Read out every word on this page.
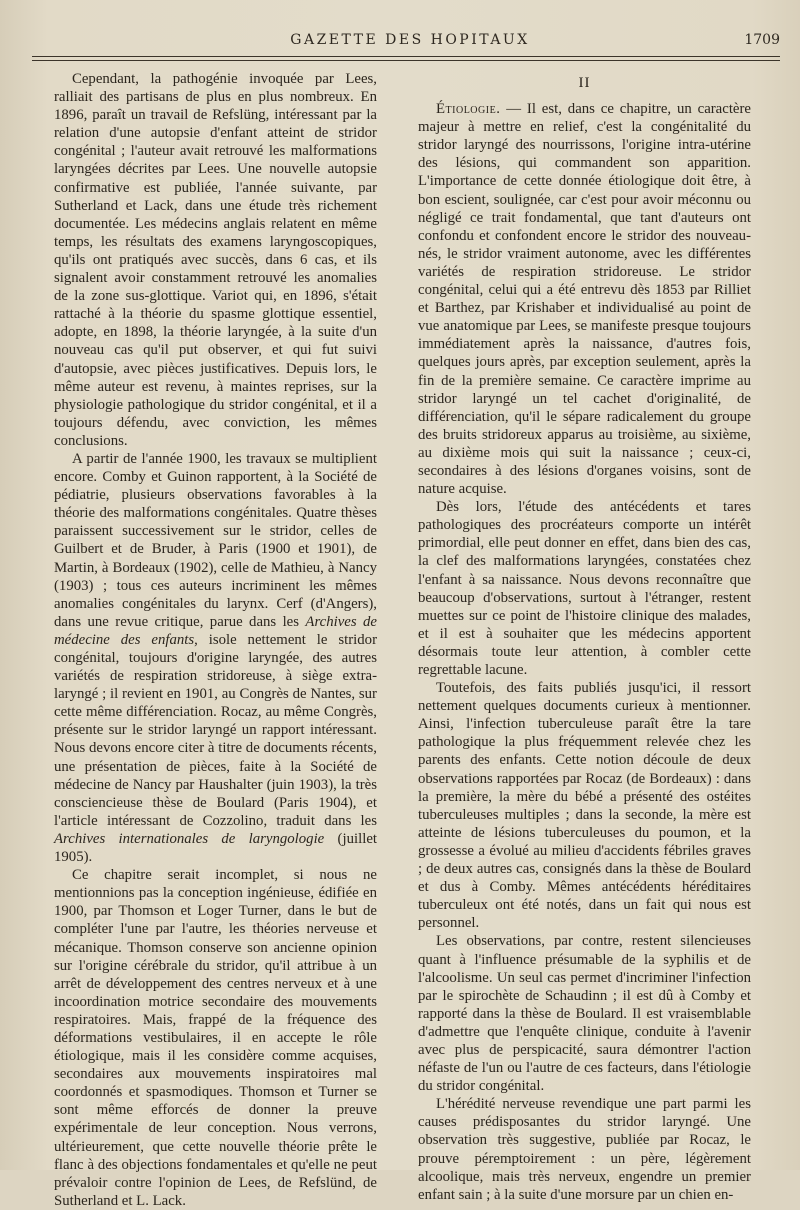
GAZETTE DES HOPITAUX	1709

Cependant, la pathogénie invoquée par Lees, ralliait des partisans de plus en plus nombreux. En 1896, paraît un travail de Refslüng, intéressant par la relation d'une autopsie d'enfant atteint de stridor congénital ; l'auteur avait retrouvé les malformations laryngées décrites par Lees. Une nouvelle autopsie confirmative est publiée, l'année suivante, par Sutherland et Lack, dans une étude très richement documentée. Les médecins anglais relatent en même temps, les résultats des examens laryngoscopiques, qu'ils ont pratiqués avec succès, dans 6 cas, et ils signalent avoir constamment retrouvé les anomalies de la zone sus-glottique. Variot qui, en 1896, s'était rattaché à la théorie du spasme glottique essentiel, adopte, en 1898, la théorie laryngée, à la suite d'un nouveau cas qu'il put observer, et qui fut suivi d'autopsie, avec pièces justificatives. Depuis lors, le même auteur est revenu, à maintes reprises, sur la physiologie pathologique du stridor congénital, et il a toujours défendu, avec conviction, les mêmes conclusions.

A partir de l'année 1900, les travaux se multiplient encore. Comby et Guinon rapportent, à la Société de pédiatrie, plusieurs observations favorables à la théorie des malformations congénitales. Quatre thèses paraissent successivement sur le stridor, celles de Guilbert et de Bruder, à Paris (1900 et 1901), de Martin, à Bordeaux (1902), celle de Mathieu, à Nancy (1903) ; tous ces auteurs incriminent les mêmes anomalies congénitales du larynx. Cerf (d'Angers), dans une revue critique, parue dans les Archives de médecine des enfants, isole nettement le stridor congénital, toujours d'origine laryngée, des autres variétés de respiration stridoreuse, à siège extra-laryngé ; il revient en 1901, au Congrès de Nantes, sur cette même différenciation. Rocaz, au même Congrès, présente sur le stridor laryngé un rapport intéressant. Nous devons encore citer à titre de documents récents, une présentation de pièces, faite à la Société de médecine de Nancy par Haushalter (juin 1903), la très consciencieuse thèse de Boulard (Paris 1904), et l'article intéressant de Cozzolino, traduit dans les Archives internationales de laryngologie (juillet 1905).

Ce chapitre serait incomplet, si nous ne mentionnions pas la conception ingénieuse, édifiée en 1900, par Thomson et Loger Turner, dans le but de compléter l'une par l'autre, les théories nerveuse et mécanique. Thomson conserve son ancienne opinion sur l'origine cérébrale du stridor, qu'il attribue à un arrêt de développement des centres nerveux et à une incoordination motrice secondaire des mouvements respiratoires. Mais, frappé de la fréquence des déformations vestibulaires, il en accepte le rôle étiologique, mais il les considère comme acquises, secondaires aux mouvements inspiratoires mal coordonnés et spasmodiques. Thomson et Turner se sont même efforcés de donner la preuve expérimentale de leur conception. Nous verrons, ultérieurement, que cette nouvelle théorie prête le flanc à des objections fondamentales et qu'elle ne peut prévaloir contre l'opinion de Lees, de Refslünd, de Sutherland et L. Lack.

II

Étiologie. — Il est, dans ce chapitre, un caractère majeur à mettre en relief, c'est la congénitalité du stridor laryngé des nourrissons, l'origine intra-utérine des lésions, qui commandent son apparition. L'importance de cette donnée étiologique doit être, à bon escient, soulignée, car c'est pour avoir méconnu ou négligé ce trait fondamental, que tant d'auteurs ont confondu et confondent encore le stridor des nouveau-nés, le stridor vraiment autonome, avec les différentes variétés de respiration stridoreuse. Le stridor congénital, celui qui a été entrevu dès 1853 par Rilliet et Barthez, par Krishaber et individualisé au point de vue anatomique par Lees, se manifeste presque toujours immédiatement après la naissance, d'autres fois, quelques jours après, par exception seulement, après la fin de la première semaine. Ce caractère imprime au stridor laryngé un tel cachet d'originalité, de différenciation, qu'il le sépare radicalement du groupe des bruits stridoreux apparus au troisième, au sixième, au dixième mois qui suit la naissance ; ceux-ci, secondaires à des lésions d'organes voisins, sont de nature acquise.

Dès lors, l'étude des antécédents et tares pathologiques des procréateurs comporte un intérêt primordial, elle peut donner en effet, dans bien des cas, la clef des malformations laryngées, constatées chez l'enfant à sa naissance. Nous devons reconnaître que beaucoup d'observations, surtout à l'étranger, restent muettes sur ce point de l'histoire clinique des malades, et il est à souhaiter que les médecins apportent désormais toute leur attention, à combler cette regrettable lacune.

Toutefois, des faits publiés jusqu'ici, il ressort nettement quelques documents curieux à mentionner. Ainsi, l'infection tuberculeuse paraît être la tare pathologique la plus fréquemment relevée chez les parents des enfants. Cette notion découle de deux observations rapportées par Rocaz (de Bordeaux) : dans la première, la mère du bébé a présenté des ostéites tuberculeuses multiples ; dans la seconde, la mère est atteinte de lésions tuberculeuses du poumon, et la grossesse a évolué au milieu d'accidents fébriles graves ; de deux autres cas, consignés dans la thèse de Boulard et dus à Comby. Mêmes antécédents héréditaires tuberculeux ont été notés, dans un fait qui nous est personnel.

Les observations, par contre, restent silencieuses quant à l'influence présumable de la syphilis et de l'alcoolisme. Un seul cas permet d'incriminer l'infection par le spirochète de Schaudinn ; il est dû à Comby et rapporté dans la thèse de Boulard. Il est vraisemblable d'admettre que l'enquête clinique, conduite à l'avenir avec plus de perspicacité, saura démontrer l'action néfaste de l'un ou l'autre de ces facteurs, dans l'étiologie du stridor congénital.

L'hérédité nerveuse revendique une part parmi les causes prédisposantes du stridor laryngé. Une observation très suggestive, publiée par Rocaz, le prouve péremptoirement : un père, légèrement alcoolique, mais très nerveux, engendre un premier enfant sain ; à la suite d'une morsure par un chien en-
